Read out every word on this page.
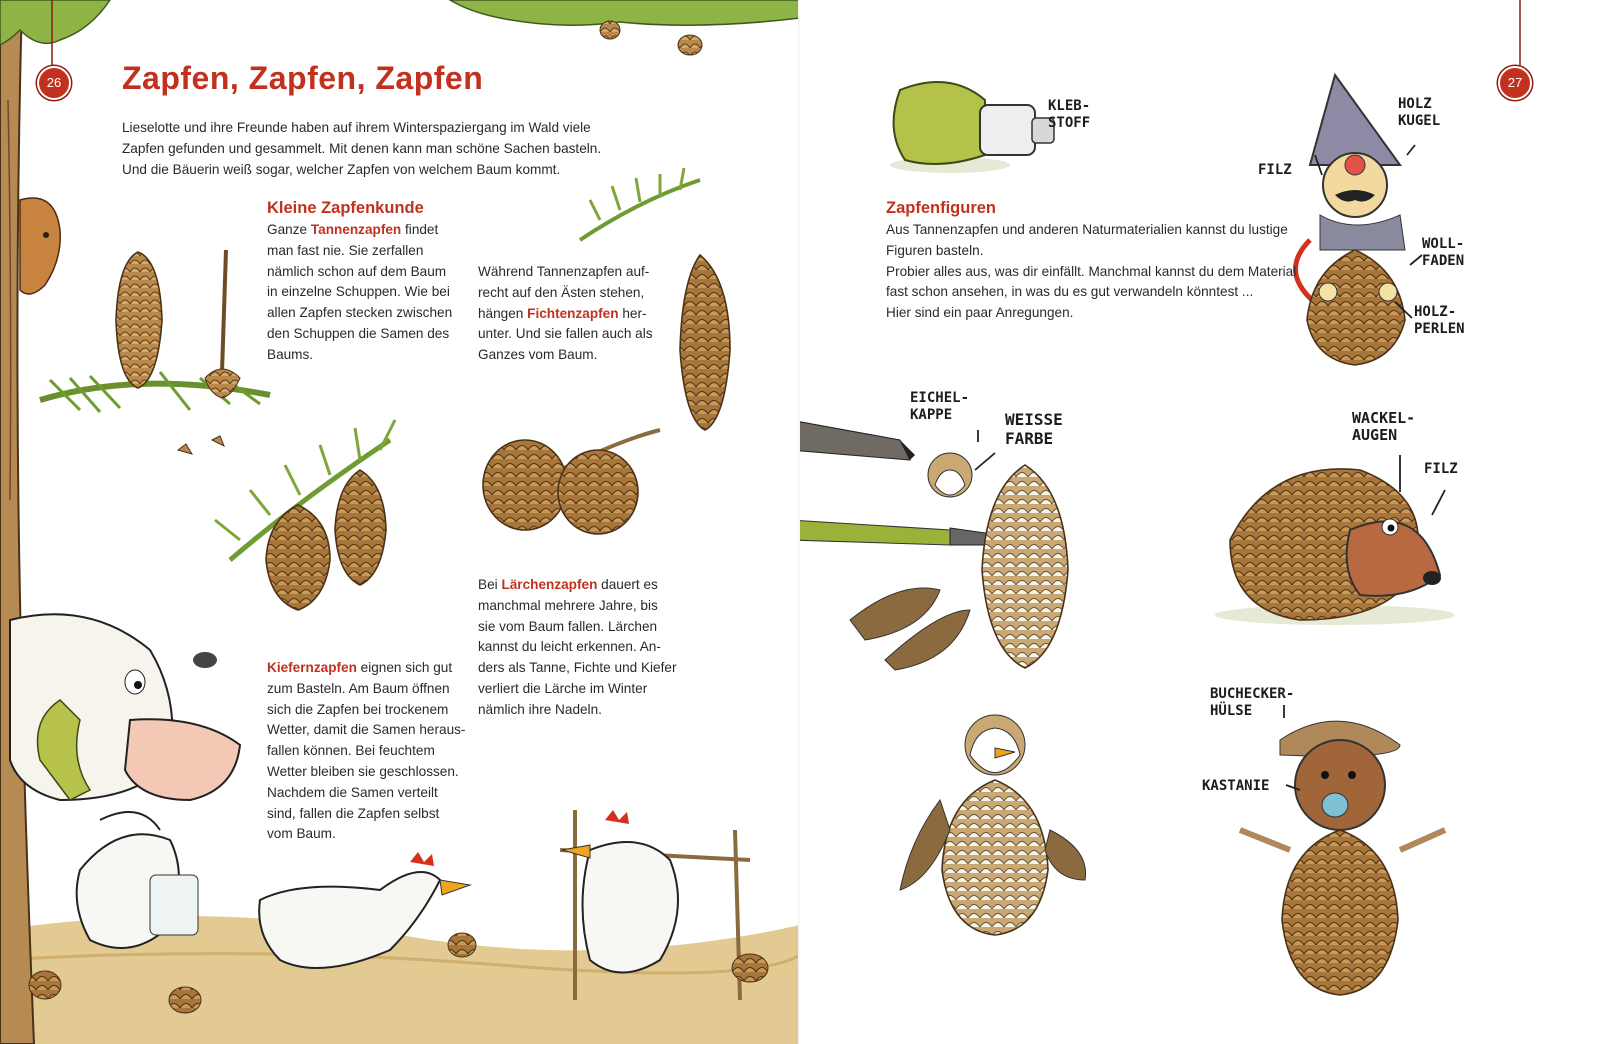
26	Zapfen, Zapfen, Zapfen
Lieselotte und ihre Freunde haben auf ihrem Winterspaziergang im Wald viele
Zapfen gefunden und gesammelt. Mit denen kann man schöne Sachen basteln.
Und die Bäuerin weiß sogar, welcher Zapfen von welchem Baum kommt.
Kleine Zapfenkunde
Ganze Tannenzapfen findet
man fast nie. Sie zerfallen
nämlich schon auf dem Baum
in einzelne Schuppen. Wie bei
allen Zapfen stecken zwischen
den Schuppen die Samen des
Baums.
Während Tannenzapfen auf-
recht auf den Ästen stehen,
hängen Fichtenzapfen her-
unter. Und sie fallen auch als
Ganzes vom Baum.
Bei Lärchenzapfen dauert es
manchmal mehrere Jahre, bis
sie vom Baum fallen. Lärchen
kannst du leicht erkennen. An-
ders als Tanne, Fichte und Kiefer
verliert die Lärche im Winter
nämlich ihre Nadeln.
Kiefernzapfen eignen sich gut
zum Basteln. Am Baum öffnen
sich die Zapfen bei trockenem
Wetter, damit die Samen heraus-
fallen können. Bei feuchtem
Wetter bleiben sie geschlossen.
Nachdem die Samen verteilt
sind, fallen die Zapfen selbst
vom Baum.
27
Zapfenfiguren
Aus Tannenzapfen und anderen Naturmaterialien kannst du lustige
Figuren basteln.
Probier alles aus, was dir einfällt. Manchmal kannst du dem Material
fast schon ansehen, in was du es gut verwandeln könntest ...
Hier sind ein paar Anregungen.
KLEB-
STOFF
HOLZ
KUGEL
FILZ
WOLL-
FADEN
HOLZ-
PERLEN
EICHEL-
KAPPE	WEISSE
FARBE
WACKEL-
AUGEN
FILZ
BUCHECKER-
HÜLSE
KASTANIE
